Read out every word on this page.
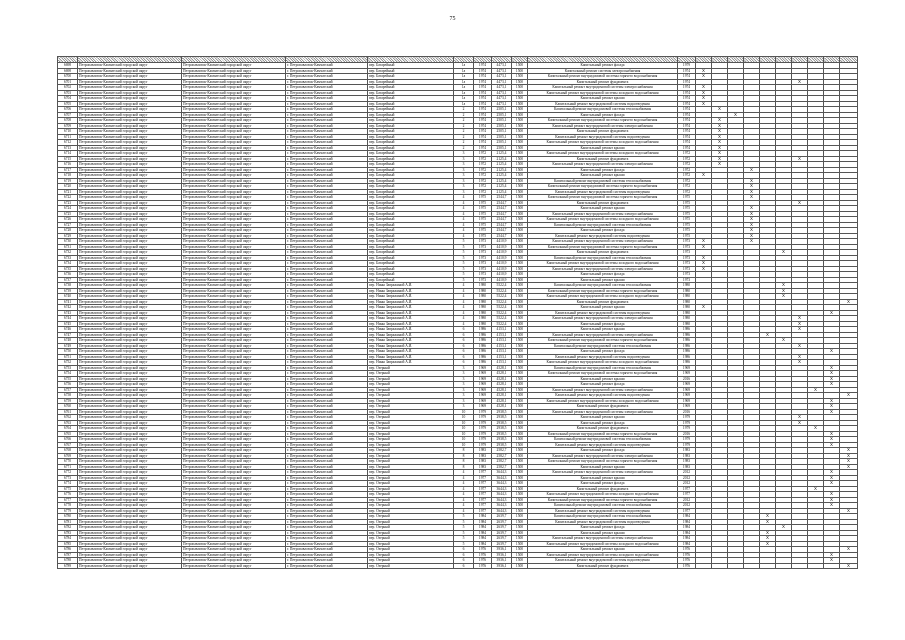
75

6698	Петропавловск-Камчатский городской округ	Петропавловск-Камчатский городской округ	г. Петропавловск-Камчатский	пер. Батарейный	1а	1974	4473,1	1500	Капитальный ремонт фасада	1979										
6698	Петропавловск-Камчатский городской округ	Петропавловск-Камчатский городской округ	г. Петропавловск-Камчатский	пер. Батарейный	1а	1974	4473,1	1500	Капитальный ремонт системы электроснабжения	1974	X									
6700	Петропавловск-Камчатский городской округ	Петропавловск-Камчатский городской округ	г. Петропавловск-Камчатский	пер. Батарейный	1а	1974	4473,1	1500	Капитальный ремонт внутридомовой системы горячего водоснабжения	1974	X									
6701	Петропавловск-Камчатский городской округ	Петропавловск-Камчатский городской округ	г. Петропавловск-Камчатский	пер. Батарейный	1а	1974	4473,1	1500	Капитальный ремонт фундамента	1974							X			
6702	Петропавловск-Камчатский городской округ	Петропавловск-Камчатский городской округ	г. Петропавловск-Камчатский	пер. Батарейный	1а	1974	4473,1	1500	Капитальный ремонт внутридомовой системы электроснабжения	1974	X									
6703	Петропавловск-Камчатский городской округ	Петропавловск-Камчатский городской округ	г. Петропавловск-Камчатский	пер. Батарейный	1а	1974	4473,1	1500	Капитальный ремонт внутридомовой системы холодного водоснабжения	1974	X									
6704	Петропавловск-Камчатский городской округ	Петропавловск-Камчатский городской округ	г. Петропавловск-Камчатский	пер. Батарейный	1а	1974	4473,1	1500	Капитальный ремонт крыши	1974	X									
6705	Петропавловск-Камчатский городской округ	Петропавловск-Камчатский городской округ	г. Петропавловск-Камчатский	пер. Батарейный	1а	1974	4473,1	1500	Капитальный ремонт внутридомовой системы водоотведения	1974	X									
6706	Петропавловск-Камчатский городской округ	Петропавловск-Камчатский городской округ	г. Петропавловск-Камчатский	пер. Батарейный	2	1974	2505,1	1500	Капитальный ремонт внутридомовой системы теплоснабжения	1974		X								
6707	Петропавловск-Камчатский городской округ	Петропавловск-Камчатский городской округ	г. Петропавловск-Камчатский	пер. Батарейный	2	1974	2505,1	1500	Капитальный ремонт фасада	1974			X							
6708	Петропавловск-Камчатский городской округ	Петропавловск-Камчатский городской округ	г. Петропавловск-Камчатский	пер. Батарейный	2	1974	2505,1	1500	Капитальный ремонт внутридомовой системы горячего водоснабжения	1974		X								
6709	Петропавловск-Камчатский городской округ	Петропавловск-Камчатский городской округ	г. Петропавловск-Камчатский	пер. Батарейный	2	1974	2505,1	1500	Капитальный ремонт внутридомовой системы электроснабжения	1974		X								
6710	Петропавловск-Камчатский городской округ	Петропавловск-Камчатский городской округ	г. Петропавловск-Камчатский	пер. Батарейный	2	1974	2505,1	1500	Капитальный ремонт фундамента	1974		X								
6711	Петропавловск-Камчатский городской округ	Петропавловск-Камчатский городской округ	г. Петропавловск-Камчатский	пер. Батарейный	2	1974	2505,1	1500	Капитальный ремонт внутридомовой системы водоотведения	1974		X								
6712	Петропавловск-Камчатский городской округ	Петропавловск-Камчатский городской округ	г. Петропавловск-Камчатский	пер. Батарейный	2	1974	2505,1	1500	Капитальный ремонт внутридомовой системы холодного водоснабжения	1974		X								
6713	Петропавловск-Камчатский городской округ	Петропавловск-Камчатский городской округ	г. Петропавловск-Камчатский	пер. Батарейный	2	1974	2505,1	1500	Капитальный ремонт крыши	1974		X								
6714	Петропавловск-Камчатский городской округ	Петропавловск-Камчатский городской округ	г. Петропавловск-Камчатский	пер. Батарейный	3	1972	2125,4	1500	Капитальный ремонт внутридомовой системы холодного водоснабжения	1972		X								
6715	Петропавловск-Камчатский городской округ	Петропавловск-Камчатский городской округ	г. Петропавловск-Камчатский	пер. Батарейный	3	1972	2125,4	1500	Капитальный ремонт фундамента	1972		X					X			
6716	Петропавловск-Камчатский городской округ	Петропавловск-Камчатский городской округ	г. Петропавловск-Камчатский	пер. Батарейный	3	1972	2125,4	1500	Капитальный ремонт внутридомовой системы электроснабжения	1972		X								
6717	Петропавловск-Камчатский городской округ	Петропавловск-Камчатский городской округ	г. Петропавловск-Камчатский	пер. Батарейный	3	1972	2125,4	1500	Капитальный ремонт фасада	1972				X						
6718	Петропавловск-Камчатский городской округ	Петропавловск-Камчатский городской округ	г. Петропавловск-Камчатский	пер. Батарейный	3	1972	2125,4	1500	Капитальный ремонт крыши	1972	X									
6719	Петропавловск-Камчатский городской округ	Петропавловск-Камчатский городской округ	г. Петропавловск-Камчатский	пер. Батарейный	3	1972	2125,4	1500	Капитальный ремонт внутридомовой системы теплоснабжения	1972				X						
6720	Петропавловск-Камчатский городской округ	Петропавловск-Камчатский городской округ	г. Петропавловск-Камчатский	пер. Батарейный	3	1972	2125,4	1500	Капитальный ремонт внутридомовой системы горячего водоснабжения	1972				X						
6721	Петропавловск-Камчатский городской округ	Петропавловск-Камчатский городской округ	г. Петропавловск-Камчатский	пер. Батарейный	3	1972	2125,4	1500	Капитальный ремонт внутридомовой системы водоотведения	1972				X						
6722	Петропавловск-Камчатский городской округ	Петропавловск-Камчатский городской округ	г. Петропавловск-Камчатский	пер. Батарейный	4	1975	2544,7	1500	Капитальный ремонт внутридомовой системы горячего водоснабжения	1975				X						
6723	Петропавловск-Камчатский городской округ	Петропавловск-Камчатский городской округ	г. Петропавловск-Камчатский	пер. Батарейный	4	1975	2544,7	1500	Капитальный ремонт фундамента	1975							X			
6724	Петропавловск-Камчатский городской округ	Петропавловск-Камчатский городской округ	г. Петропавловск-Камчатский	пер. Батарейный	4	1975	2544,7	1500	Капитальный ремонт крыши	1975				X						
6725	Петропавловск-Камчатский городской округ	Петропавловск-Камчатский городской округ	г. Петропавловск-Камчатский	пер. Батарейный	4	1975	2544,7	1500	Капитальный ремонт внутридомовой системы электроснабжения	1975				X						
6726	Петропавловск-Камчатский городской округ	Петропавловск-Камчатский городской округ	г. Петропавловск-Камчатский	пер. Батарейный	4	1975	2544,7	1500	Капитальный ремонт внутридомовой системы холодного водоснабжения	1975				X						
6727	Петропавловск-Камчатский городской округ	Петропавловск-Камчатский городской округ	г. Петропавловск-Камчатский	пер. Батарейный	4	1975	2544,7	1500	Капитальный ремонт внутридомовой системы теплоснабжения	1975				X						
6728	Петропавловск-Камчатский городской округ	Петропавловск-Камчатский городской округ	г. Петропавловск-Камчатский	пер. Батарейный	4	1975	2544,7	1500	Капитальный ремонт фасада	1975				X						
6729	Петропавловск-Камчатский городской округ	Петропавловск-Камчатский городской округ	г. Петропавловск-Камчатский	пер. Батарейный	4	1975	2544,7	1500	Капитальный ремонт внутридомовой системы водоотведения	1975				X						
6730	Петропавловск-Камчатский городской округ	Петропавловск-Камчатский городской округ	г. Петропавловск-Камчатский	пер. Батарейный	5	1973	4410,9	1500	Капитальный ремонт внутридомовой системы электроснабжения	1973	X			X						
6731	Петропавловск-Камчатский городской округ	Петропавловск-Камчатский городской округ	г. Петропавловск-Камчатский	пер. Батарейный	5	1973	4410,9	1500	Капитальный ремонт внутридомовой системы горячего водоснабжения	1973	X									
6732	Петропавловск-Камчатский городской округ	Петропавловск-Камчатский городской округ	г. Петропавловск-Камчатский	пер. Батарейный	5	1973	4410,9	1500	Капитальный ремонт фундамента	1973						X				
6733	Петропавловск-Камчатский городской округ	Петропавловск-Камчатский городской округ	г. Петропавловск-Камчатский	пер. Батарейный	5	1973	4410,9	1500	Капитальный ремонт внутридомовой системы теплоснабжения	1973	X									
6734	Петропавловск-Камчатский городской округ	Петропавловск-Камчатский городской округ	г. Петропавловск-Камчатский	пер. Батарейный	5	1973	4410,9	1500	Капитальный ремонт внутридомовой системы холодного водоснабжения	1973	X									
6735	Петропавловск-Камчатский городской округ	Петропавловск-Камчатский городской округ	г. Петропавловск-Камчатский	пер. Батарейный	5	1973	4410,9	1500	Капитальный ремонт внутридомовой системы электроснабжения	1973	X									
6736	Петропавловск-Камчатский городской округ	Петропавловск-Камчатский городской округ	г. Петропавловск-Камчатский	пер. Батарейный	5	1973	4410,9	1500	Капитальный ремонт фасада	1973										
6737	Петропавловск-Камчатский городской округ	Петропавловск-Камчатский городской округ	г. Петропавловск-Камчатский	пер. Батарейный	5	1973	4410,9	1500	Капитальный ремонт крыши	1973										
6738	Петропавловск-Камчатский городской округ	Петропавловск-Камчатский городской округ	г. Петропавловск-Камчатский	пер. Нины Завражиной А.И.	4	1980	5522,4	1500	Капитальный ремонт внутридомовой системы теплоснабжения	1980						X				
6739	Петропавловск-Камчатский городской округ	Петропавловск-Камчатский городской округ	г. Петропавловск-Камчатский	пер. Нины Завражиной А.И.	4	1980	5522,4	1500	Капитальный ремонт внутридомовой системы горячего водоснабжения	1980						X				
6740	Петропавловск-Камчатский городской округ	Петропавловск-Камчатский городской округ	г. Петропавловск-Камчатский	пер. Нины Завражиной А.И.	4	1980	5522,4	1500	Капитальный ремонт внутридомовой системы холодного водоснабжения	1980						X				
6741	Петропавловск-Камчатский городской округ	Петропавловск-Камчатский городской округ	г. Петропавловск-Камчатский	пер. Нины Завражиной А.И.	4	1980	5522,4	1500	Капитальный ремонт фундамента	1980										X
6742	Петропавловск-Камчатский городской округ	Петропавловск-Камчатский городской округ	г. Петропавловск-Камчатский	пер. Нины Завражиной А.И.	4	1980	5522,4	1500	Капитальный ремонт крыши	1980	X									
6743	Петропавловск-Камчатский городской округ	Петропавловск-Камчатский городской округ	г. Петропавловск-Камчатский	пер. Нины Завражиной А.И.	4	1980	5522,4	1500	Капитальный ремонт внутридомовой системы водоотведения	1980									X	
6744	Петропавловск-Камчатский городской округ	Петропавловск-Камчатский городской округ	г. Петропавловск-Камчатский	пер. Нины Завражиной А.И.	4	1980	5522,4	1500	Капитальный ремонт внутридомовой системы электроснабжения	1980							X			
6745	Петропавловск-Камчатский городской округ	Петропавловск-Камчатский городской округ	г. Петропавловск-Камчатский	пер. Нины Завражиной А.И.	4	1980	5522,4	1500	Капитальный ремонт фасада	1980							X			
6746	Петропавловск-Камчатский городской округ	Петропавловск-Камчатский городской округ	г. Петропавловск-Камчатский	пер. Нины Завражиной А.И.	6	1986	4153,1	1500	Капитальный ремонт крыши	1986							X			
6747	Петропавловск-Камчатский городской округ	Петропавловск-Камчатский городской округ	г. Петропавловск-Камчатский	пер. Нины Завражиной А.И.	6	1986	4153,1	1500	Капитальный ремонт внутридомовой системы электроснабжения	1986					X					
6748	Петропавловск-Камчатский городской округ	Петропавловск-Камчатский городской округ	г. Петропавловск-Камчатский	пер. Нины Завражиной А.И.	6	1986	4153,1	1500	Капитальный ремонт внутридомовой системы горячего водоснабжения	1986						X				
6749	Петропавловск-Камчатский городской округ	Петропавловск-Камчатский городской округ	г. Петропавловск-Камчатский	пер. Нины Завражиной А.И.	6	1986	4153,1	1500	Капитальный ремонт внутридомовой системы теплоснабжения	1986							X			
6750	Петропавловск-Камчатский городской округ	Петропавловск-Камчатский городской округ	г. Петропавловск-Камчатский	пер. Нины Завражиной А.И.	6	1986	4153,1	1500	Капитальный ремонт фасада	1986									X	
6751	Петропавловск-Камчатский городской округ	Петропавловск-Камчатский городской округ	г. Петропавловск-Камчатский	пер. Нины Завражиной А.И.	6	1986	4153,1	1500	Капитальный ремонт внутридомовой системы водоотведения	1986							X			
6752	Петропавловск-Камчатский городской округ	Петропавловск-Камчатский городской округ	г. Петропавловск-Камчатский	пер. Нины Завражиной А.И.	6	1986	4153,1	1500	Капитальный ремонт внутридомовой системы холодного водоснабжения	1986							X			
6753	Петропавловск-Камчатский городской округ	Петропавловск-Камчатский городской округ	г. Петропавловск-Камчатский	пер. Озерный	3	1969	4528,1	1500	Капитальный ремонт внутридомовой системы теплоснабжения	1969									X	
6754	Петропавловск-Камчатский городской округ	Петропавловск-Камчатский городской округ	г. Петропавловск-Камчатский	пер. Озерный	3	1969	4528,1	1500	Капитальный ремонт внутридомовой системы горячего водоснабжения	1969									X	
6755	Петропавловск-Камчатский городской округ	Петропавловск-Камчатский городской округ	г. Петропавловск-Камчатский	пер. Озерный	3	1969	4528,1	1500	Капитальный ремонт крыши	2016									X	
6756	Петропавловск-Камчатский городской округ	Петропавловск-Камчатский городской округ	г. Петропавловск-Камчатский	пер. Озерный	3	1969	4528,1	1500	Капитальный ремонт фасада	1969									X	
6757	Петропавловск-Камчатский городской округ	Петропавловск-Камчатский городской округ	г. Петропавловск-Камчатский	пер. Озерный	3	1969	4528,1	1500	Капитальный ремонт внутридомовой системы электроснабжения	1969								X		
6758	Петропавловск-Камчатский городской округ	Петропавловск-Камчатский городской округ	г. Петропавловск-Камчатский	пер. Озерный	3	1969	4528,1	1500	Капитальный ремонт внутридомовой системы водоотведения	1969										X
6759	Петропавловск-Камчатский городской округ	Петропавловск-Камчатский городской округ	г. Петропавловск-Камчатский	пер. Озерный	3	1969	4528,1	1500	Капитальный ремонт внутридомовой системы холодного водоснабжения	1969									X	
6760	Петропавловск-Камчатский городской округ	Петропавловск-Камчатский городской округ	г. Петропавловск-Камчатский	пер. Озерный	3	1969	4528,1	1500	Капитальный ремонт фундамента	1969									X	
6761	Петропавловск-Камчатский городской округ	Петропавловск-Камчатский городской округ	г. Петропавловск-Камчатский	пер. Озерный	10	1979	2938,5	1500	Капитальный ремонт внутридомовой системы электроснабжения	2016									X	
6762	Петропавловск-Камчатский городской округ	Петропавловск-Камчатский городской округ	г. Петропавловск-Камчатский	пер. Озерный	10	1979	2938,5	1500	Капитальный ремонт крыши	1979							X			
6763	Петропавловск-Камчатский городской округ	Петропавловск-Камчатский городской округ	г. Петропавловск-Камчатский	пер. Озерный	10	1979	2938,5	1500	Капитальный ремонт фасада	1979							X			
6764	Петропавловск-Камчатский городской округ	Петропавловск-Камчатский городской округ	г. Петропавловск-Камчатский	пер. Озерный	10	1979	2938,5	1500	Капитальный ремонт фундамента	1979								X		
6765	Петропавловск-Камчатский городской округ	Петропавловск-Камчатский городской округ	г. Петропавловск-Камчатский	пер. Озерный	10	1979	2938,5	1500	Капитальный ремонт внутридомовой системы горячего водоснабжения	2016									X	
6766	Петропавловск-Камчатский городской округ	Петропавловск-Камчатский городской округ	г. Петропавловск-Камчатский	пер. Озерный	10	1979	2938,5	1500	Капитальный ремонт внутридомовой системы теплоснабжения	1979									X	
6767	Петропавловск-Камчатский городской округ	Петропавловск-Камчатский городской округ	г. Петропавловск-Камчатский	пер. Озерный	10	1979	2938,5	1500	Капитальный ремонт внутридомовой системы водоотведения	1979									X	
6768	Петропавловск-Камчатский городской округ	Петропавловск-Камчатский городской округ	г. Петропавловск-Камчатский	пер. Озерный	8	1983	2582,7	1500	Капитальный ремонт фасада	1983										X
6769	Петропавловск-Камчатский городской округ	Петропавловск-Камчатский городской округ	г. Петропавловск-Камчатский	пер. Озерный	8	1983	2582,7	1500	Капитальный ремонт внутридомовой системы электроснабжения	1983										X
6770	Петропавловск-Камчатский городской округ	Петропавловск-Камчатский городской округ	г. Петропавловск-Камчатский	пер. Озерный	8	1983	2582,7	1500	Капитальный ремонт внутридомовой системы горячего водоснабжения	1983										X
6771	Петропавловск-Камчатский городской округ	Петропавловск-Камчатский городской округ	г. Петропавловск-Камчатский	пер. Озерный	8	1983	2582,7	1500	Капитальный ремонт крыши	1983										X
6772	Петропавловск-Камчатский городской округ	Петропавловск-Камчатский городской округ	г. Петропавловск-Камчатский	пер. Озерный	4	1977	3644,3	1500	Капитальный ремонт внутридомовой системы электроснабжения	2012									X	
6773	Петропавловск-Камчатский городской округ	Петропавловск-Камчатский городской округ	г. Петропавловск-Камчатский	пер. Озерный	4	1977	3644,3	1500	Капитальный ремонт крыши	2012									X	
6774	Петропавловск-Камчатский городской округ	Петропавловск-Камчатский городской округ	г. Петропавловск-Камчатский	пер. Озерный	4	1977	3644,3	1500	Капитальный ремонт фасада	2012									X	
6775	Петропавловск-Камчатский городской округ	Петропавловск-Камчатский городской округ	г. Петропавловск-Камчатский	пер. Озерный	4	1977	3644,3	1500	Капитальный ремонт фундамента	1977								X		
6776	Петропавловск-Камчатский городской округ	Петропавловск-Камчатский городской округ	г. Петропавловск-Камчатский	пер. Озерный	4	1977	3644,3	1500	Капитальный ремонт внутридомовой системы холодного водоснабжения	1977									X	
6777	Петропавловск-Камчатский городской округ	Петропавловск-Камчатский городской округ	г. Петропавловск-Камчатский	пер. Озерный	4	1977	3644,3	1500	Капитальный ремонт внутридомовой системы горячего водоснабжения	2012									X	
6778	Петропавловск-Камчатский городской округ	Петропавловск-Камчатский городской округ	г. Петропавловск-Камчатский	пер. Озерный	4	1977	3644,3	1500	Капитальный ремонт внутридомовой системы теплоснабжения	2012									X	
6779	Петропавловск-Камчатский городской округ	Петропавловск-Камчатский городской округ	г. Петропавловск-Камчатский	пер. Озерный	4	1977	3644,3	1500	Капитальный ремонт внутридомовой системы водоотведения	1977										X
6780	Петропавловск-Камчатский городской округ	Петропавловск-Камчатский городской округ	г. Петропавловск-Камчатский	пер. Озерный	5	1984	2639,7	1500	Капитальный ремонт внутридомовой системы теплоснабжения	1984					X					
6781	Петропавловск-Камчатский городской округ	Петропавловск-Камчатский городской округ	г. Петропавловск-Камчатский	пер. Озерный	5	1984	2639,7	1500	Капитальный ремонт внутридомовой системы водоотведения	1984					X					
6782	Петропавловск-Камчатский городской округ	Петропавловск-Камчатский городской округ	г. Петропавловск-Камчатский	пер. Озерный	5	1984	2639,7	1500	Капитальный ремонт фасада	1984						X				
6783	Петропавловск-Камчатский городской округ	Петропавловск-Камчатский городской округ	г. Петропавловск-Камчатский	пер. Озерный	5	1984	2639,7	1500	Капитальный ремонт крыши	1984					X					
6784	Петропавловск-Камчатский городской округ	Петропавловск-Камчатский городской округ	г. Петропавловск-Камчатский	пер. Озерный	5	1984	2639,7	1500	Капитальный ремонт внутридомовой системы электроснабжения	1984					X					
6785	Петропавловск-Камчатский городской округ	Петропавловск-Камчатский городской округ	г. Петропавловск-Камчатский	пер. Озерный	5	1984	2639,7	1500	Капитальный ремонт внутридомовой системы холодного водоснабжения	1984					X					
6786	Петропавловск-Камчатский городской округ	Петропавловск-Камчатский городской округ	г. Петропавловск-Камчатский	пер. Озерный	6	1976	3936,1	1500	Капитальный ремонт крыши	1976										X
6787	Петропавловск-Камчатский городской округ	Петропавловск-Камчатский городской округ	г. Петропавловск-Камчатский	пер. Озерный	6	1976	3936,1	1500	Капитальный ремонт внутридомовой системы холодного водоснабжения	1976									X	
6788	Петропавловск-Камчатский городской округ	Петропавловск-Камчатский городской округ	г. Петропавловск-Камчатский	пер. Озерный	6	1976	3936,1	1500	Капитальный ремонт внутридомовой системы водоотведения	1976									X	
6789	Петропавловск-Камчатский городской округ	Петропавловск-Камчатский городской округ	г. Петропавловск-Камчатский	пер. Озерный	6	1976	3936,1	1500	Капитальный ремонт фундамента	1976										X
